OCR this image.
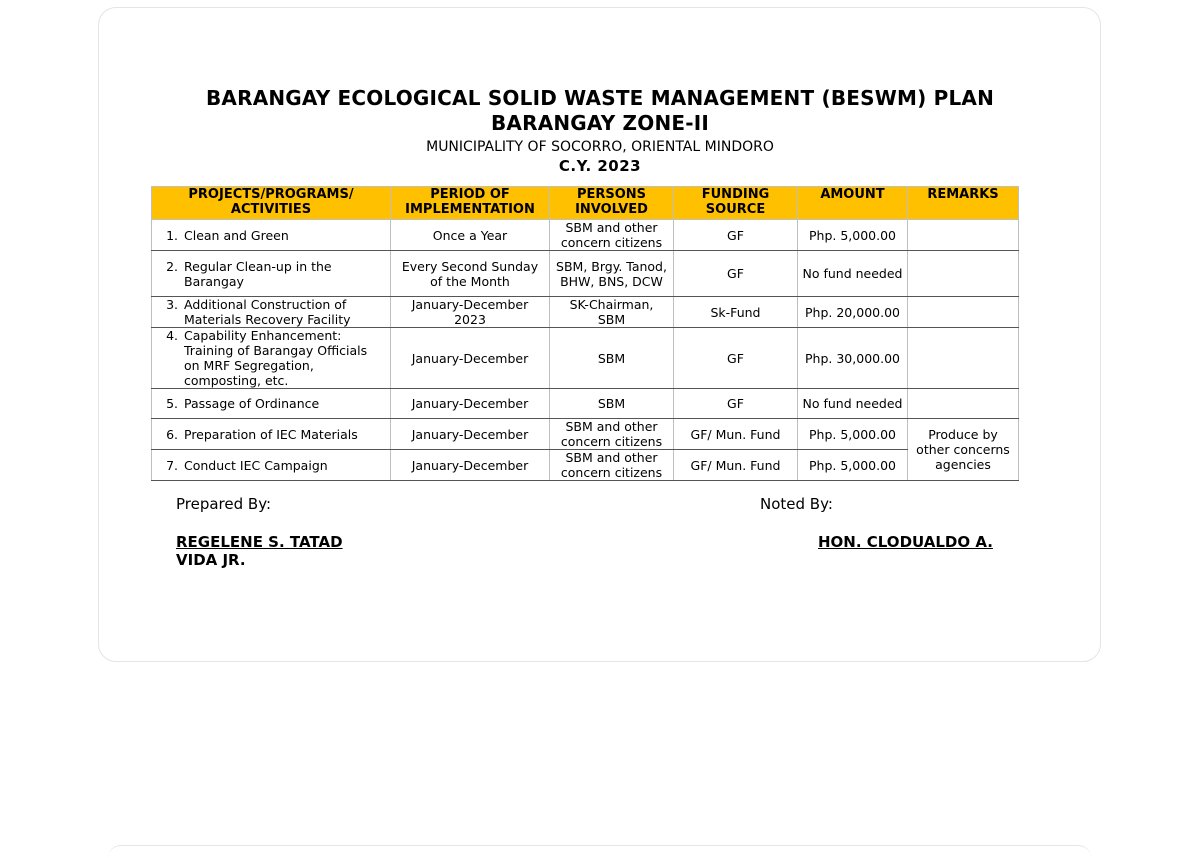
BARANGAY ECOLOGICAL SOLID WASTE MANAGEMENT (BESWM) PLAN
BARANGAY ZONE-II
MUNICIPALITY OF SOCORRO, ORIENTAL MINDORO
C.Y. 2023
PROJECTS/PROGRAMS/ ACTIVITIES	PERIOD OF IMPLEMENTATION	PERSONS INVOLVED	FUNDING SOURCE	AMOUNT	REMARKS
1. Clean and Green	Once a Year	SBM and other concern citizens	GF	Php. 5,000.00	
2. Regular Clean-up in the Barangay	Every Second Sunday of the Month	SBM, Brgy. Tanod, BHW, BNS, DCW	GF	No fund needed	
3. Additional Construction of Materials Recovery Facility	January-December 2023	SK-Chairman, SBM	Sk-Fund	Php. 20,000.00	
4. Capability Enhancement: Training of Barangay Officials on MRF Segregation, composting, etc.	January-December	SBM	GF	Php. 30,000.00	
5. Passage of Ordinance	January-December	SBM	GF	No fund needed	
6. Preparation of IEC Materials	January-December	SBM and other concern citizens	GF/ Mun. Fund	Php. 5,000.00	Produce by other concerns agencies
7. Conduct IEC Campaign	January-December	SBM and other concern citizens	GF/ Mun. Fund	Php. 5,000.00	
Prepared By:	Noted By:
REGELENE S. TATAD
VIDA JR.
HON. CLODUALDO A.
